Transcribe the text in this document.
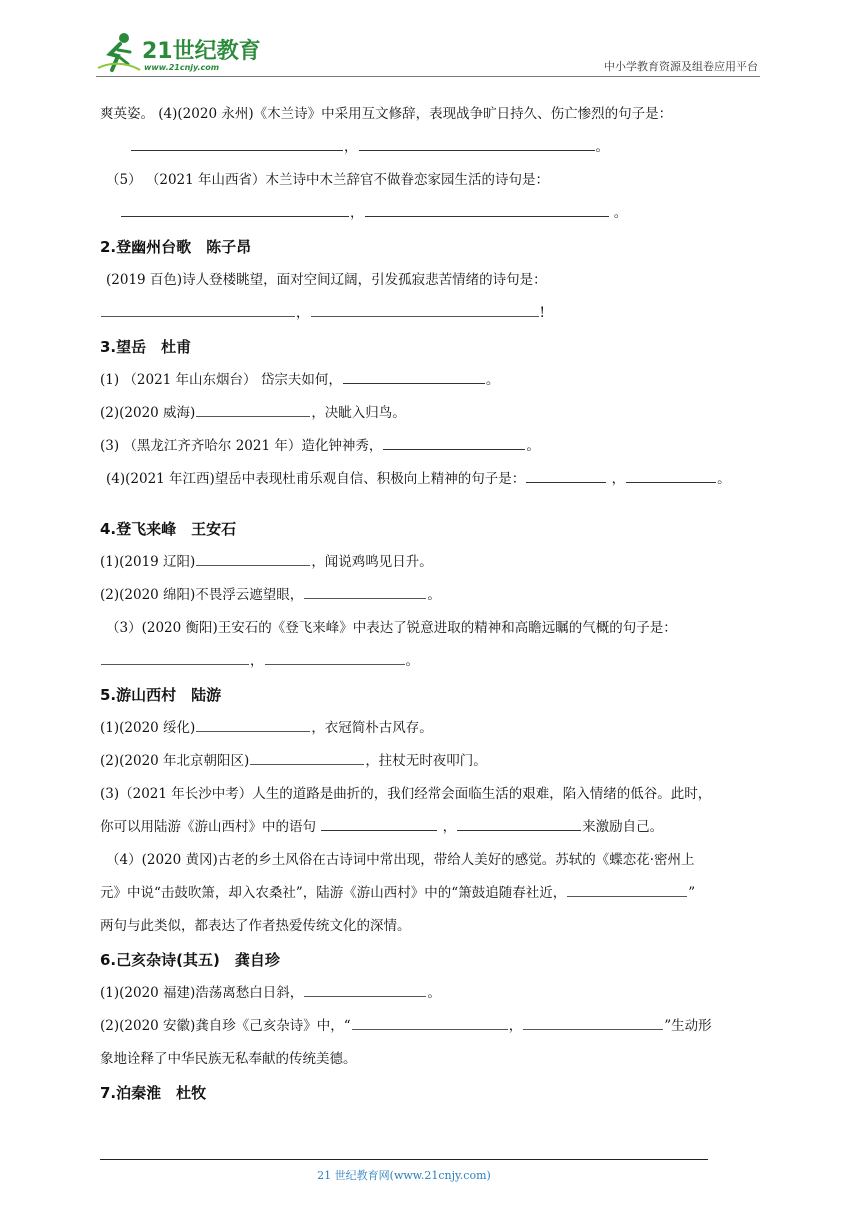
21世纪教育
www.21cnjy.com	中小学教育资源及组卷应用平台
爽英姿。 (4)(2020 永州)《木兰诗》中采用互文修辞，表现战争旷日持久、伤亡惨烈的句子是：
，	。
（5） （2021 年山西省）木兰诗中木兰辞官不做眷恋家园生活的诗句是：
，	。
2.登幽州台歌　陈子昂
(2019 百色)诗人登楼眺望，面对空间辽阔，引发孤寂悲苦情绪的诗句是：
，	!
3.望岳　杜甫
(1) （2021 年山东烟台） 岱宗夫如何，	。
(2)(2020 威海)	，决眦入归鸟。
(3) （黑龙江齐齐哈尔 2021 年）造化钟神秀，	。
(4)(2021 年江西)望岳中表现杜甫乐观自信、积极向上精神的句子是：	，	。
4.登飞来峰　王安石
(1)(2019 辽阳)	，闻说鸡鸣见日升。
(2)(2020 绵阳)不畏浮云遮望眼，	。
（3）(2020 衡阳)王安石的《登飞来峰》中表达了锐意进取的精神和高瞻远瞩的气概的句子是：
，	。
5.游山西村　陆游
(1)(2020 绥化)	，衣冠简朴古风存。
(2)(2020 年北京朝阳区)	，拄杖无时夜叩门。
(3)（2021 年长沙中考）人生的道路是曲折的，我们经常会面临生活的艰难，陷入情绪的低谷。此时，
你可以用陆游《游山西村》中的语句	，	来激励自己。
（4）(2020 黄冈)古老的乡土风俗在古诗词中常出现，带给人美好的感觉。苏轼的《蝶恋花·密州上
元》中说“击鼓吹箫，却入农桑社”，陆游《游山西村》中的“箫鼓追随春社近，	”
两句与此类似，都表达了作者热爱传统文化的深情。
6.己亥杂诗(其五)　龚自珍
(1)(2020 福建)浩荡离愁白日斜，	。
(2)(2020 安徽)龚自珍《己亥杂诗》中，“	，	”生动形
象地诠释了中华民族无私奉献的传统美德。
7.泊秦淮　杜牧
21 世纪教育网(www.21cnjy.com)
